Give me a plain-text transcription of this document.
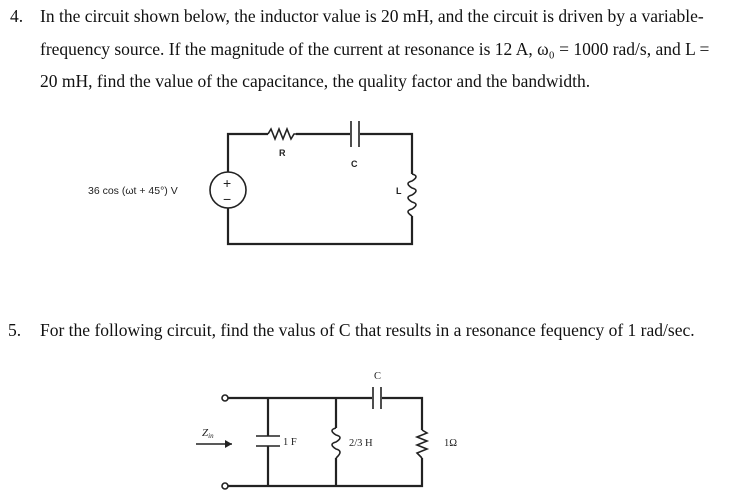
4. In the circuit shown below, the inductor value is 20 mH, and the circuit is driven by a variable-
frequency source. If the magnitude of the current at resonance is 12 A, ω₀ = 1000 rad/s, and L =
20 mH, find the value of the capacitance, the quality factor and the bandwidth.
5. For the following circuit, find the valus of C that results in a resonance fequency of 1 rad/sec.
R
C
L
+
−
36 cos (ωt + 45°) V
Zin
1 F
C
2/3 H	1Ω
